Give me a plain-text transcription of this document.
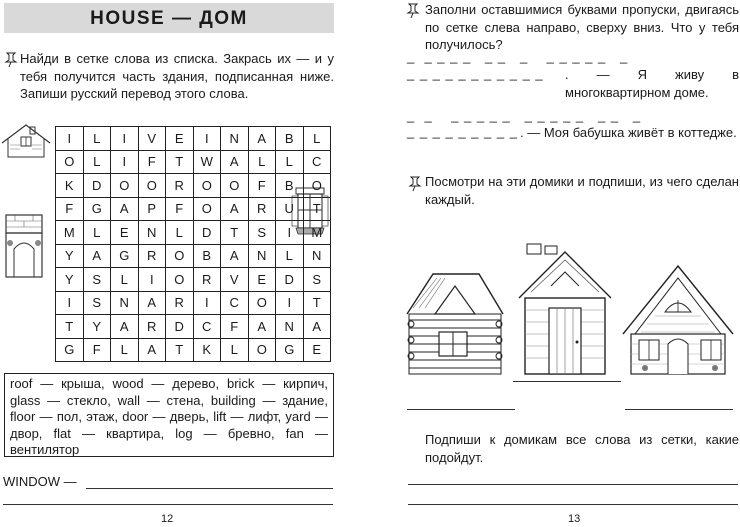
HOUSE — ДОМ
Найди в сетке слова из списка. Закрась их — и у тебя получится часть здания, подписанная ниже. Запиши русский перевод этого слова.
I	L	I	V	E	I	N	A	B	L
O	L	I	F	T	W	A	L	L	C
K	D	O	O	R	O	O	F	B	O
F	G	A	P	F	O	A	R	U	T
M	L	E	N	L	D	T	S	I	M
Y	A	G	R	O	B	A	N	L	N
Y	S	L	I	O	R	V	E	D	S
I	S	N	A	R	I	C	O	I	T
T	Y	A	R	D	C	F	A	N	A
G	F	L	A	T	K	L	O	G	E
roof — крыша, wood — дерево, brick — кирпич, glass — стекло, wall — стена, building — здание, floor — пол, этаж, door — дверь, lift — лифт, yard — двор, flat — квартира, log — бревно, fan — вентилятор
WINDOW —
12
Заполни оставшимися буквами пропуски, двигаясь по сетке слева направо, сверху вниз. Что у тебя получилось?
_  _ _ _ _   _ _   _    _ _ _ _ _   _
_ _ _ _ _ _ _ _ _ _ _ . — Я живу в многоквартирном доме.
_  _    _ _ _ _ _   _ _ _ _ _   _ _   _
_ _ _ _ _ _ _ _ _ . — Моя бабушка живёт в коттедже.
Посмотри на эти домики и подпиши, из чего сделан каждый.
Подпиши к домикам все слова из сетки, какие подойдут.
13
